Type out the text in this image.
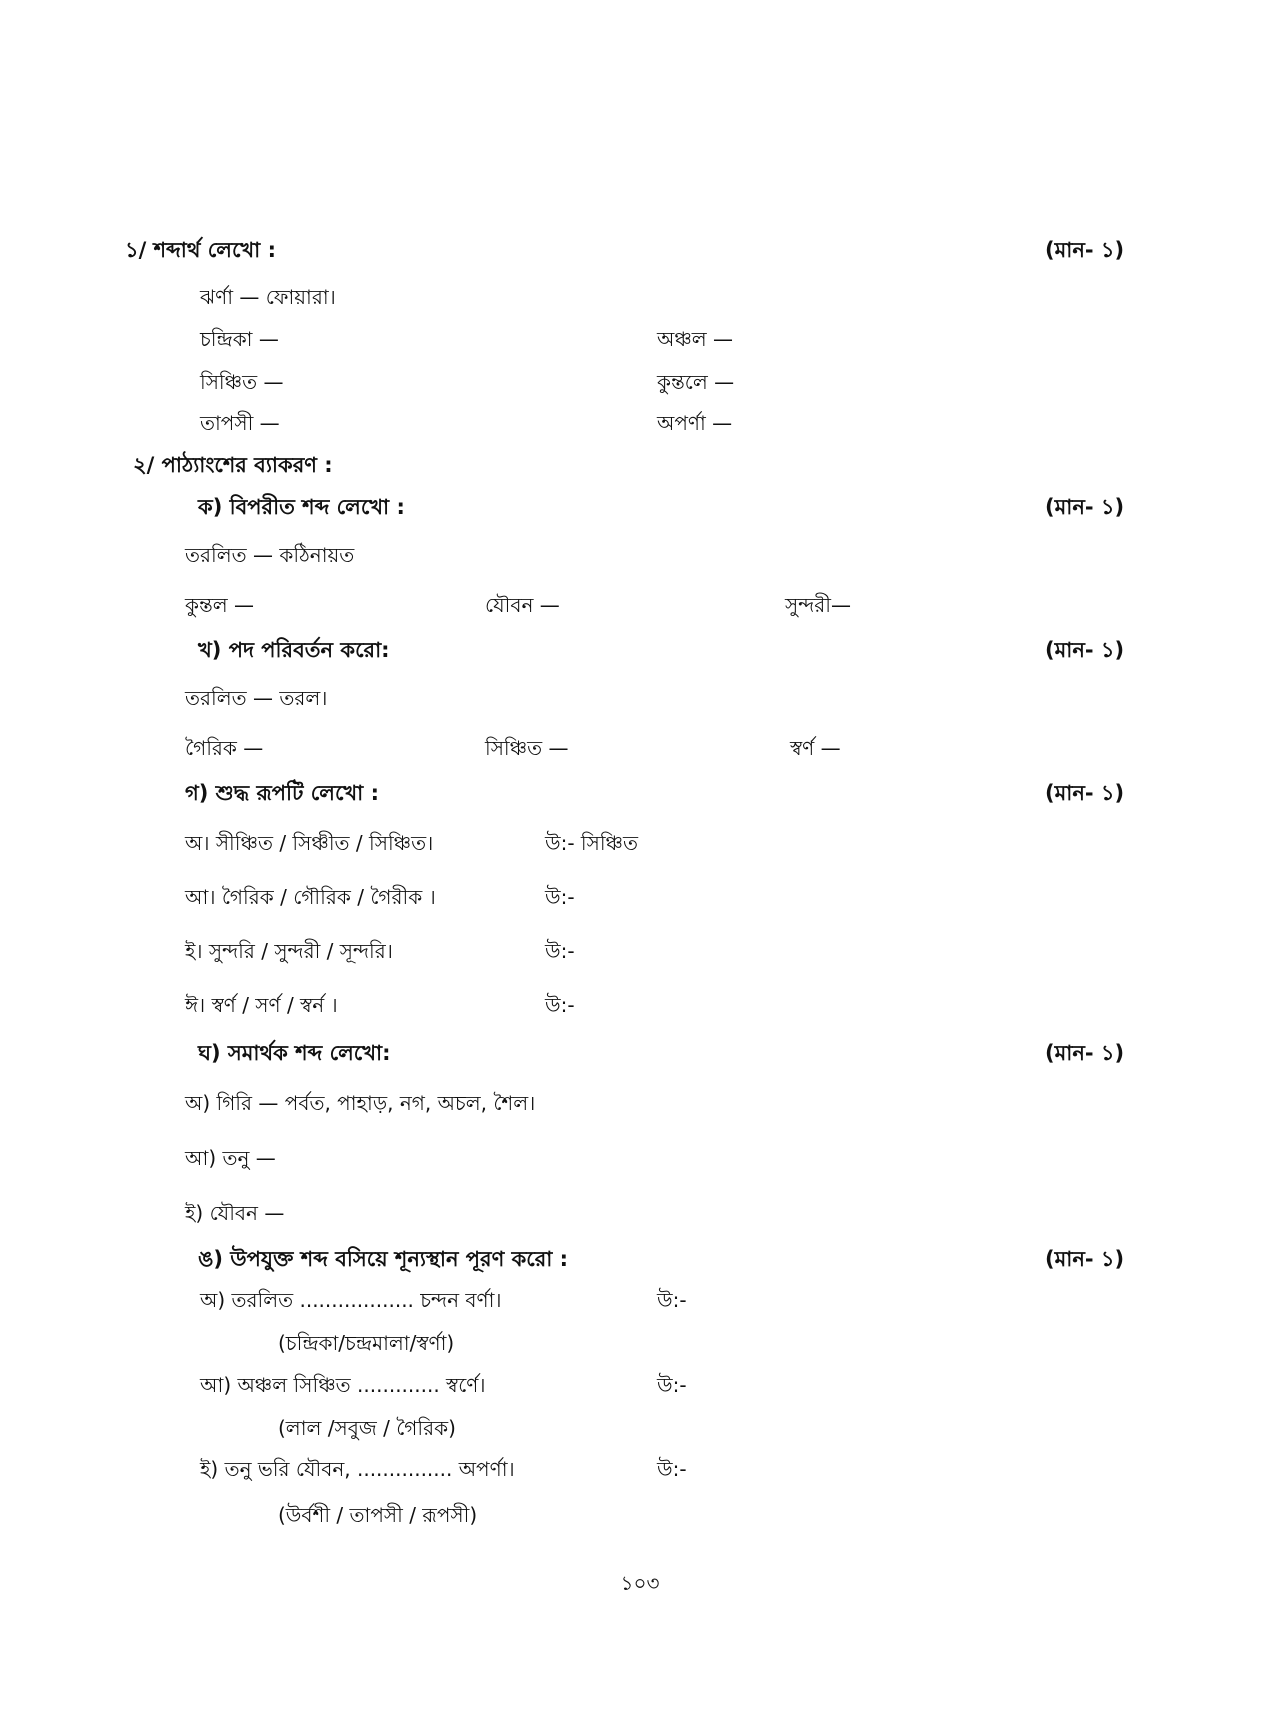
১/ শব্দার্থ লেখো :	(মান- ১)
ঝর্ণা — ফোয়ারা।
চন্দ্রিকা —	অঞ্চল —
সিঞ্চিত —	কুন্তলে —
তাপসী —	অপর্ণা —
২/ পাঠ্যাংশের ব্যাকরণ :
ক) বিপরীত শব্দ লেখো :	(মান- ১)
তরলিত — কঠিনায়ত
কুন্তল —	যৌবন —	সুন্দরী—
খ) পদ পরিবর্তন করো:	(মান- ১)
তরলিত — তরল।
গৈরিক —	সিঞ্চিত —	স্বর্ণ —
গ) শুদ্ধ রূপটি লেখো :	(মান- ১)
অ। সীঞ্চিত / সিঞ্চীত / সিঞ্চিত।	উ:- সিঞ্চিত
আ। গৈরিক / গৌরিক / গৈরীক ।	উ:-
ই। সুন্দরি / সুন্দরী / সূন্দরি।	উ:-
ঈ। স্বর্ণ / সর্ণ / স্বর্ন ।	উ:-
ঘ) সমার্থক শব্দ লেখো:	(মান- ১)
অ) গিরি — পর্বত, পাহাড়, নগ, অচল, শৈল।
আ) তনু —
ই) যৌবন —
ঙ) উপযুক্ত শব্দ বসিয়ে শূন্যস্থান পূরণ করো :	(মান- ১)
অ) তরলিত .................. চন্দন বর্ণা।	উ:-
(চন্দ্রিকা/চন্দ্রমালা/স্বর্ণা)
আ) অঞ্চল সিঞ্চিত ............. স্বর্ণে।	উ:-
(লাল /সবুজ / গৈরিক)
ই) তনু ভরি যৌবন, ............... অপর্ণা।	উ:-
(উর্বশী / তাপসী / রূপসী)
১০৩
